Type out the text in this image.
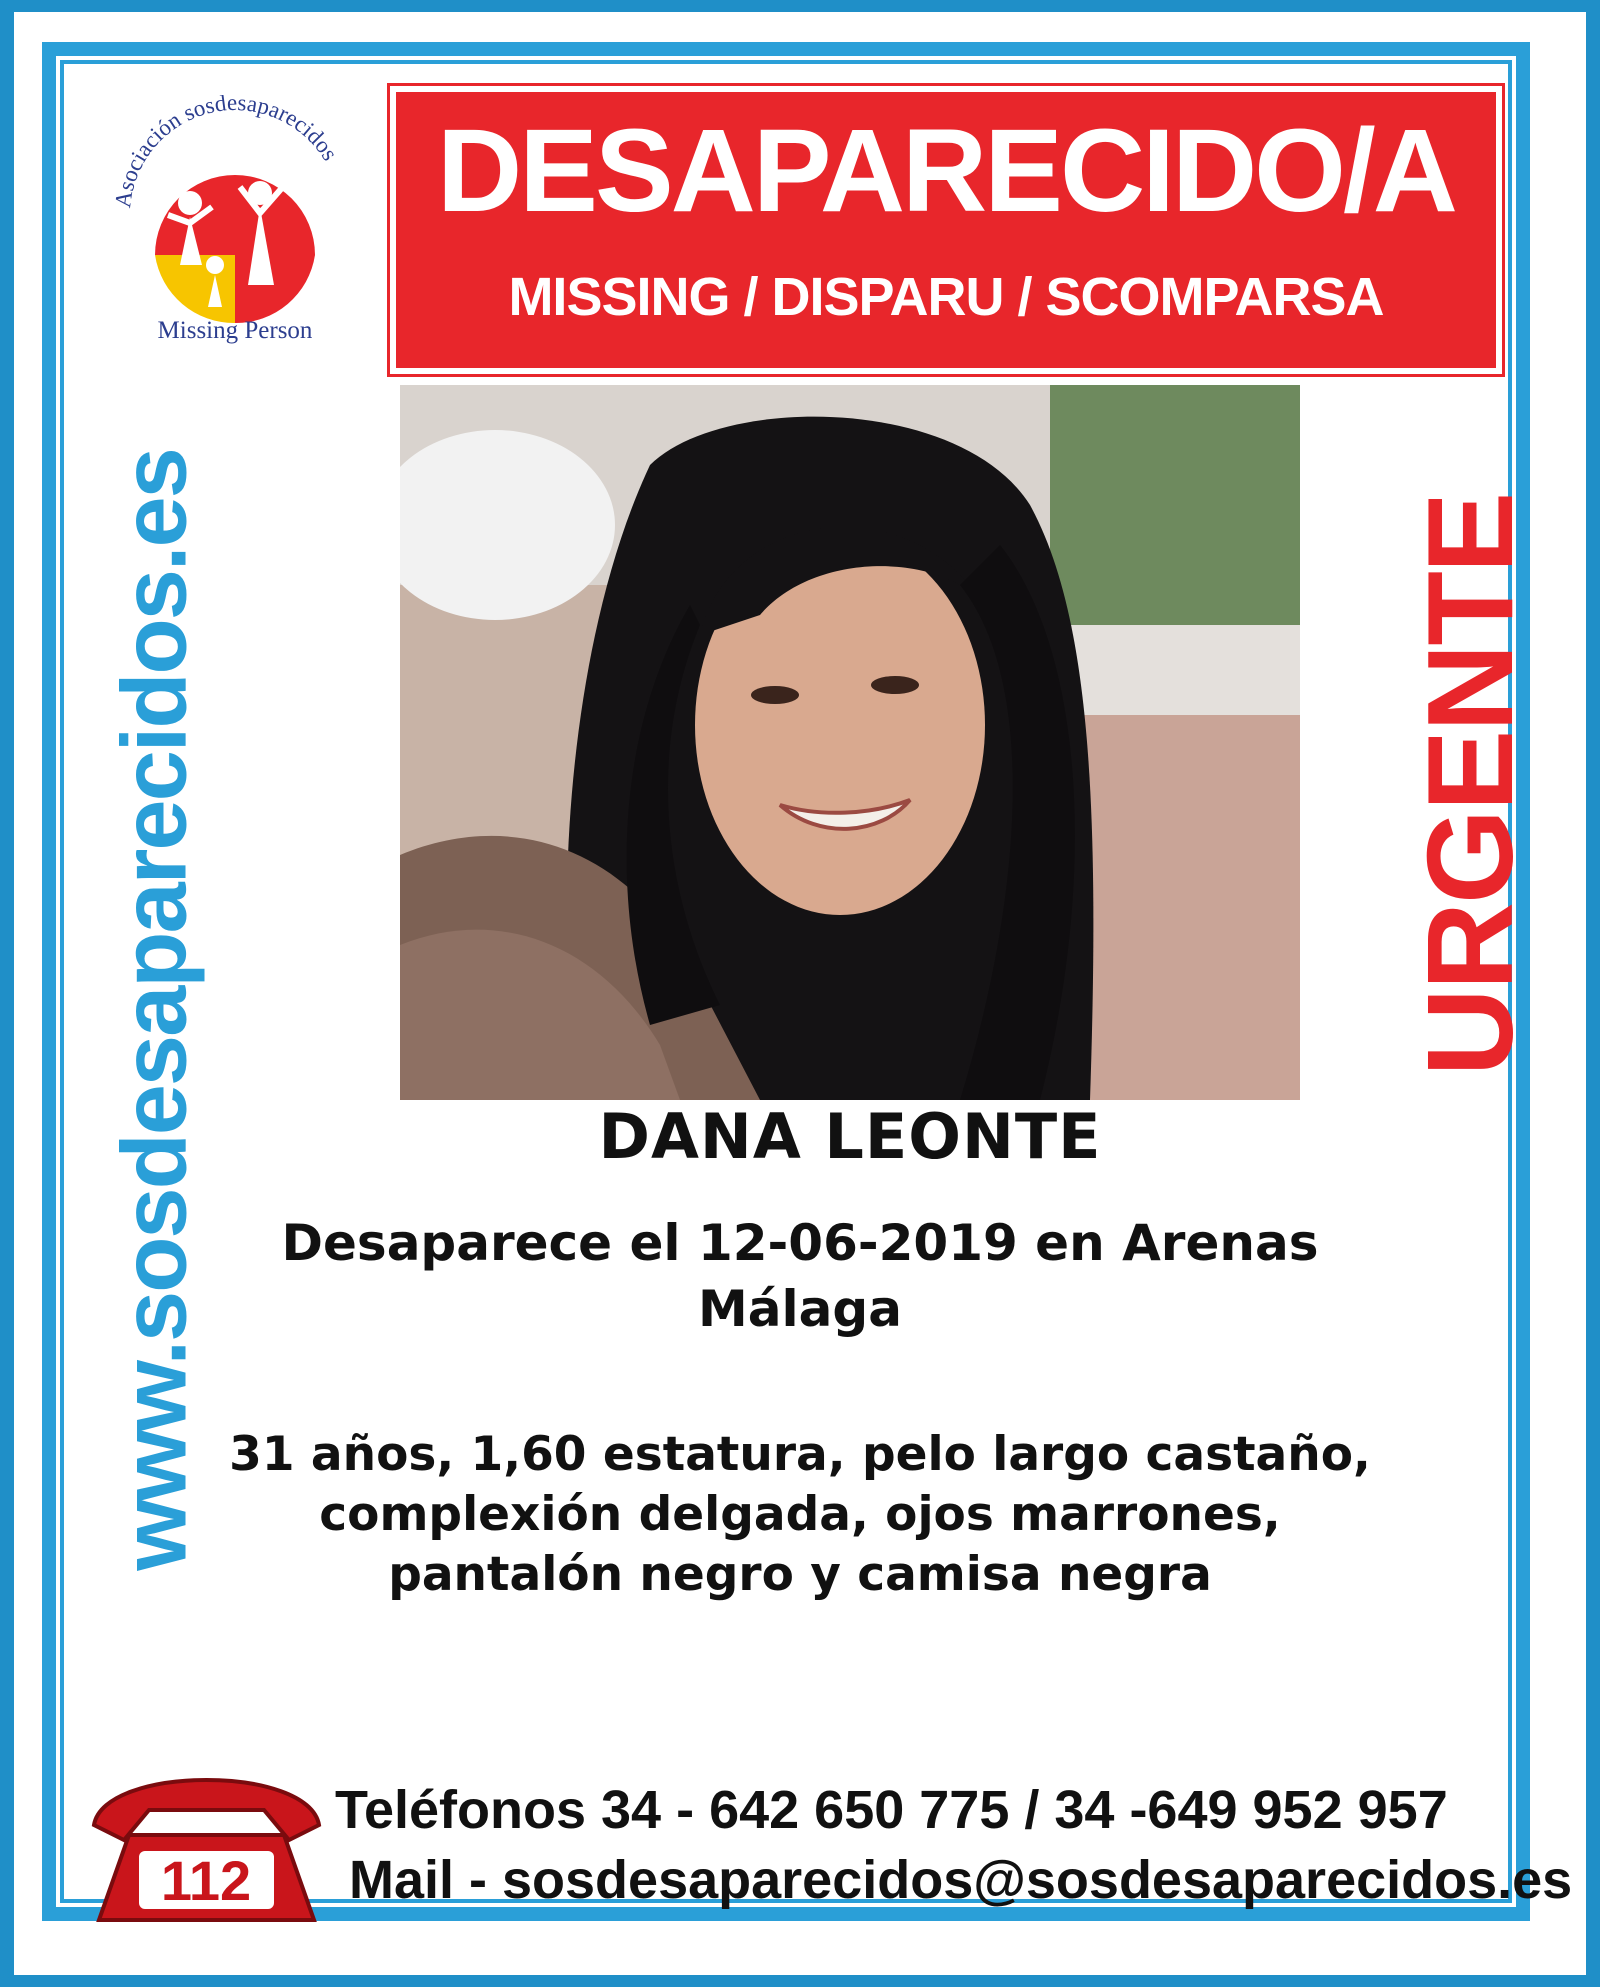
Asociación sosdesaparecidos
Missing Person
DESAPARECIDO/A
MISSING / DISPARU / SCOMPARSA
www.sosdesaparecidos.es	URGENTE
DANA LEONTE
Desaparece el 12-06-2019 en Arenas
Málaga
31 años, 1,60 estatura, pelo largo castaño,
complexión delgada, ojos marrones,
pantalón negro y camisa negra
112
Teléfonos 34 - 642 650 775 / 34 -649 952 957
Mail - sosdesaparecidos@sosdesaparecidos.es
